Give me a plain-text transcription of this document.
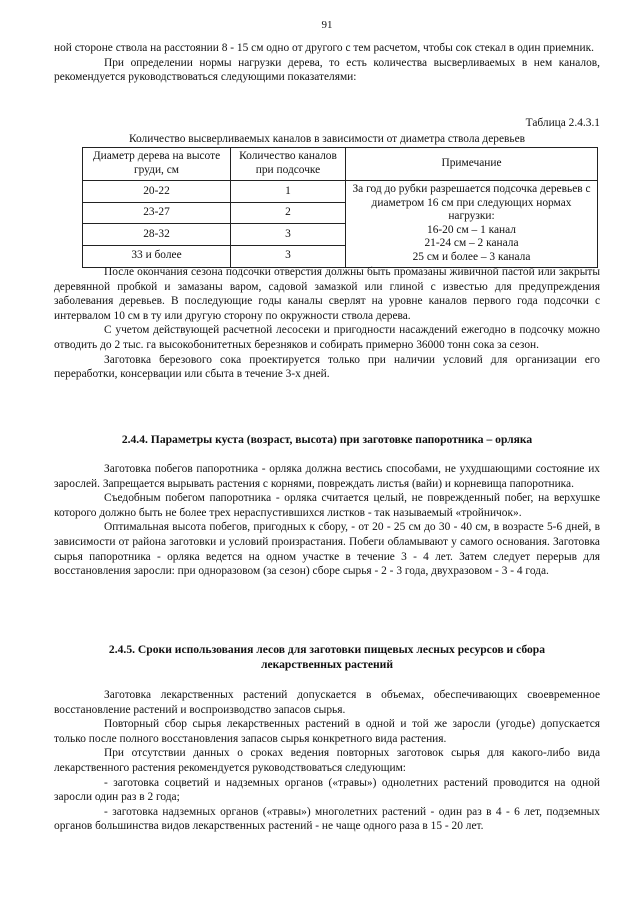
91

ной стороне ствола на расстоянии 8 - 15 см одно от другого с тем расчетом, чтобы сок стекал в один приемник.

При определении нормы нагрузки дерева, то есть количества высверливаемых в нем каналов, рекомендуется руководствоваться следующими показателями:

Таблица 2.4.3.1
Количество высверливаемых каналов в зависимости от диаметра ствола деревьев
Диаметр дерева на высоте груди, см	Количество каналов при подсочке	Примечание
20-22	1	За год до рубки разрешается подсочка деревьев с диаметром 16 см при следующих нормах нагрузки:
16-20 см – 1 канал
21-24 см – 2 канала
25 см и более – 3 канала

23-27	2	
28-32	3	
33 и более	3	

После окончания сезона подсочки отверстия должны быть промазаны живичной пастой или закрыты деревянной пробкой и замазаны варом, садовой замазкой или глиной с известью для предупреждения заболевания деревьев. В последующие годы каналы сверлят на уровне каналов первого года подсочки с интервалом 10 см в ту или другую сторону по окружности ствола дерева.

С учетом действующей расчетной лесосеки и пригодности насаждений ежегодно в подсочку можно отводить до 2 тыс. га высокобонитетных березняков и собирать примерно 36000 тонн сока за сезон.

Заготовка березового сока проектируется только при наличии условий для организации его переработки, консервации или сбыта в течение 3-х дней.

2.4.4. Параметры куста (возраст, высота) при заготовке папоротника – орляка

Заготовка побегов папоротника - орляка должна вестись способами, не ухудшающими состояние их зарослей. Запрещается вырывать растения с корнями, повреждать листья (вайи) и корневища папоротника.

Съедобным побегом папоротника - орляка считается целый, не поврежденный побег, на верхушке которого должно быть не более трех нераспустившихся листков - так называемый «тройничок».

Оптимальная высота побегов, пригодных к сбору, - от 20 - 25 см до 30 - 40 см, в возрасте 5-6 дней, в зависимости от района заготовки и условий произрастания. Побеги обламывают у самого основания. Заготовка сырья папоротника - орляка ведется на одном участке в течение 3 - 4 лет. Затем следует перерыв для восстановления заросли: при одноразовом (за сезон) сборе сырья - 2 - 3 года, двухразовом - 3 - 4 года.

2.4.5. Сроки использования лесов для заготовки пищевых лесных ресурсов и сбора
лекарственных растений

Заготовка лекарственных растений допускается в объемах, обеспечивающих своевременное восстановление растений и воспроизводство запасов сырья.

Повторный сбор сырья лекарственных растений в одной и той же заросли (угодье) допускается только после полного восстановления запасов сырья конкретного вида растения.

При отсутствии данных о сроках ведения повторных заготовок сырья для какого-либо вида лекарственного растения рекомендуется руководствоваться следующим:

- заготовка соцветий и надземных органов («травы») однолетних растений проводится на одной заросли один раз в 2 года;

- заготовка надземных органов («травы») многолетних растений - один раз в 4 - 6 лет, подземных органов большинства видов лекарственных растений - не чаще одного раза в 15 - 20 лет.
